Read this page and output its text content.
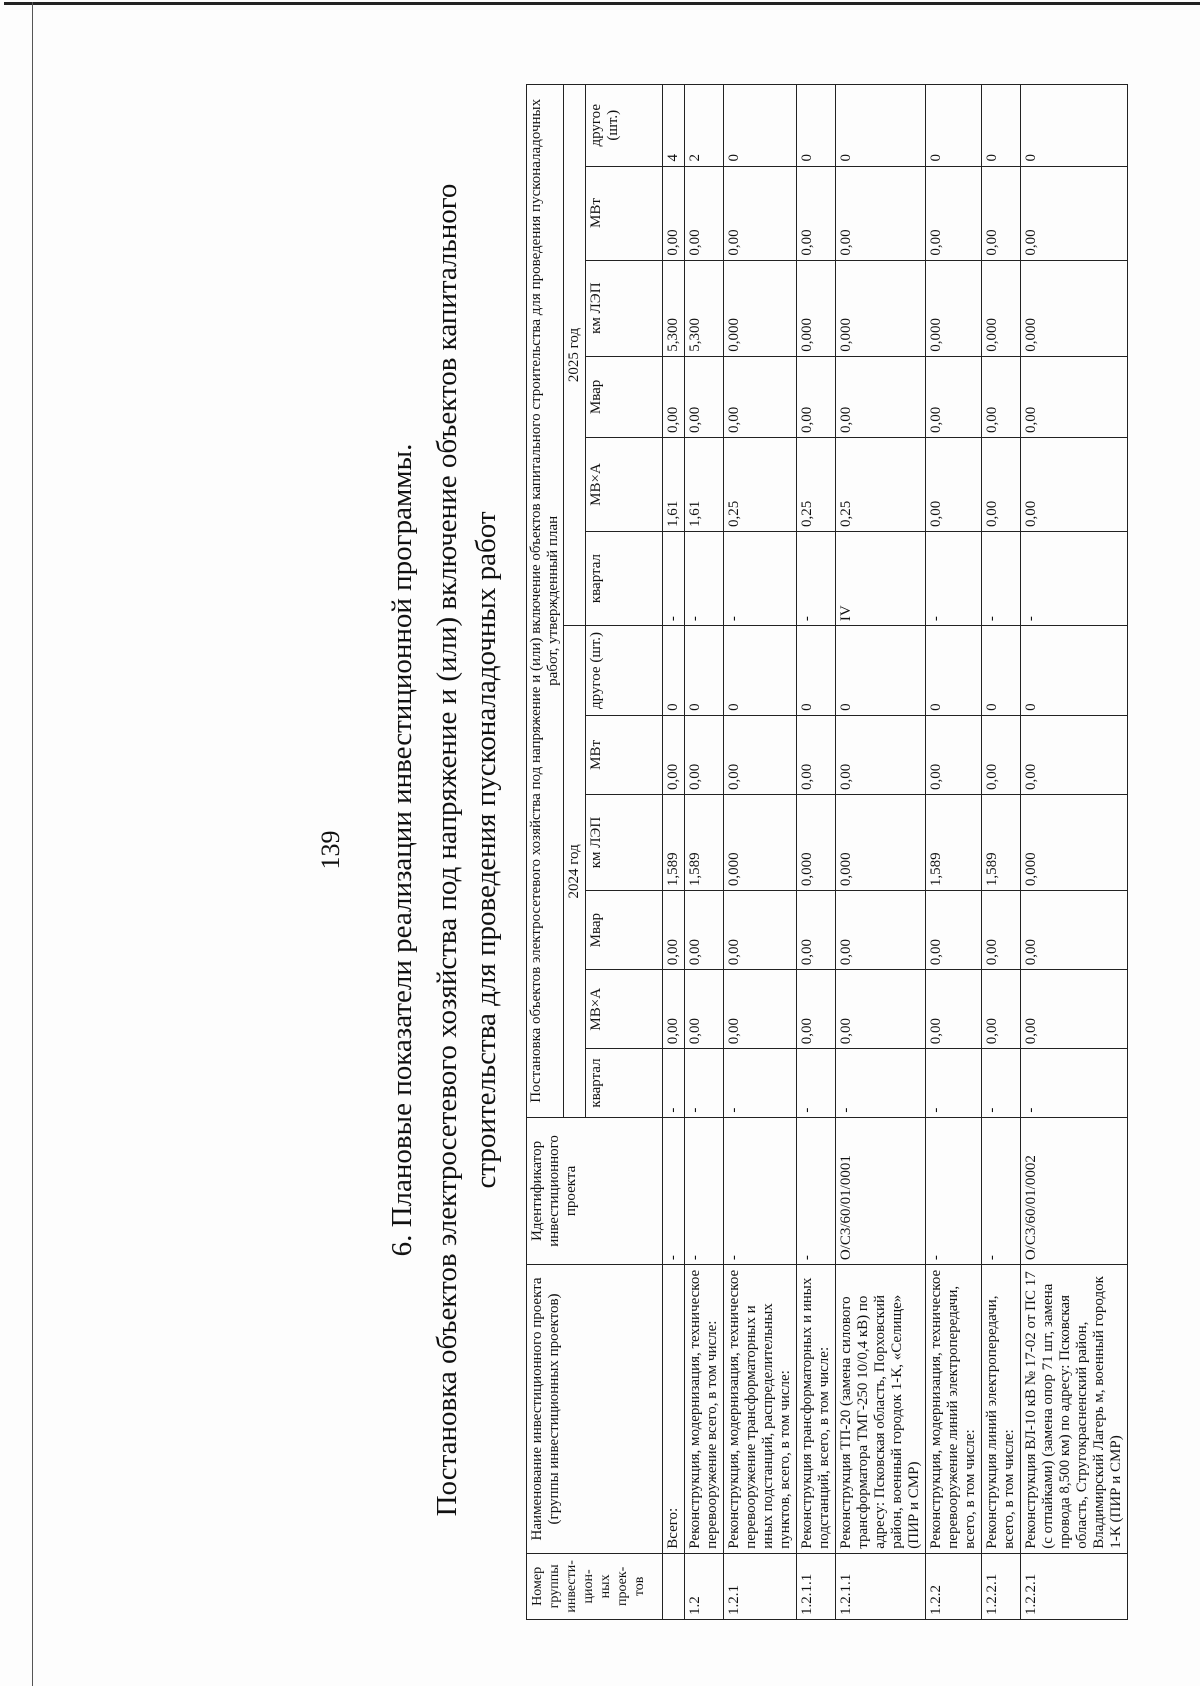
139 6. Плановые показатели реализации инвестиционной программы. Постановка объектов электросетевого хозяйства под напряжение и (или) включение объектов капитального строительства для проведения пусконаладочных работ
Номер группы инвести-цион-ных проек-тов	Наименование инвестиционного проекта (группы инвестиционных проектов)	Идентификатор инвестиционного проекта	Постановка объектов электросетевого хозяйства под напряжение и (или) включение объектов капитального строительства для проведения пусконаладочных работ, утвержденный план											
			2024 год						2025 год					
			квартал	МВ×А	Мвар	км ЛЭП	МВт	другое (шт.)	квартал	МВ×А	Мвар	км ЛЭП	МВт	другое (шт.)
	Всего:	-	-	0,00	0,00	1,589	0,00	0	-	1,61	0,00	5,300	0,00	4
1.2	Реконструкция, модернизация, техническое перевооружение всего, в том числе:	-	-	0,00	0,00	1,589	0,00	0	-	1,61	0,00	5,300	0,00	2
1.2.1	Реконструкция, модернизация, техническое перевооружение трансформаторных и иных подстанций, распределительных пунктов, всего, в том числе:	-	-	0,00	0,00	0,000	0,00	0	-	0,25	0,00	0,000	0,00	0
1.2.1.1	Реконструкция трансформаторных и иных подстанций, всего, в том числе:	-	-	0,00	0,00	0,000	0,00	0	-	0,25	0,00	0,000	0,00	0
1.2.1.1	Реконструкция ТП-20 (замена силового трансформатора ТМГ-250 10/0,4 кВ) по адресу: Псковская область, Порховский район, военный городок 1-К, «Селище» (ПИР и СМР)	О/С3/60/01/0001	-	0,00	0,00	0,000	0,00	0	IV	0,25	0,00	0,000	0,00	0
1.2.2	Реконструкция, модернизация, техническое перевооружение линий электропередачи, всего, в том числе:	-	-	0,00	0,00	1,589	0,00	0	-	0,00	0,00	0,000	0,00	0
1.2.2.1	Реконструкция линий электропередачи, всего, в том числе:	-	-	0,00	0,00	1,589	0,00	0	-	0,00	0,00	0,000	0,00	0
1.2.2.1	Реконструкция ВЛ-10 кВ № 17-02 от ПС 17 (с отпайками) (замена опор 71 шт, замена провода 8,500 км) по адресу: Псковская область, Стругокрасненский район, Владимирский Лагерь м, военный городок 1-К (ПИР и СМР)	О/С3/60/01/0002	-	0,00	0,00	0,000	0,00	0	-	0,00	0,00	0,000	0,00	0
